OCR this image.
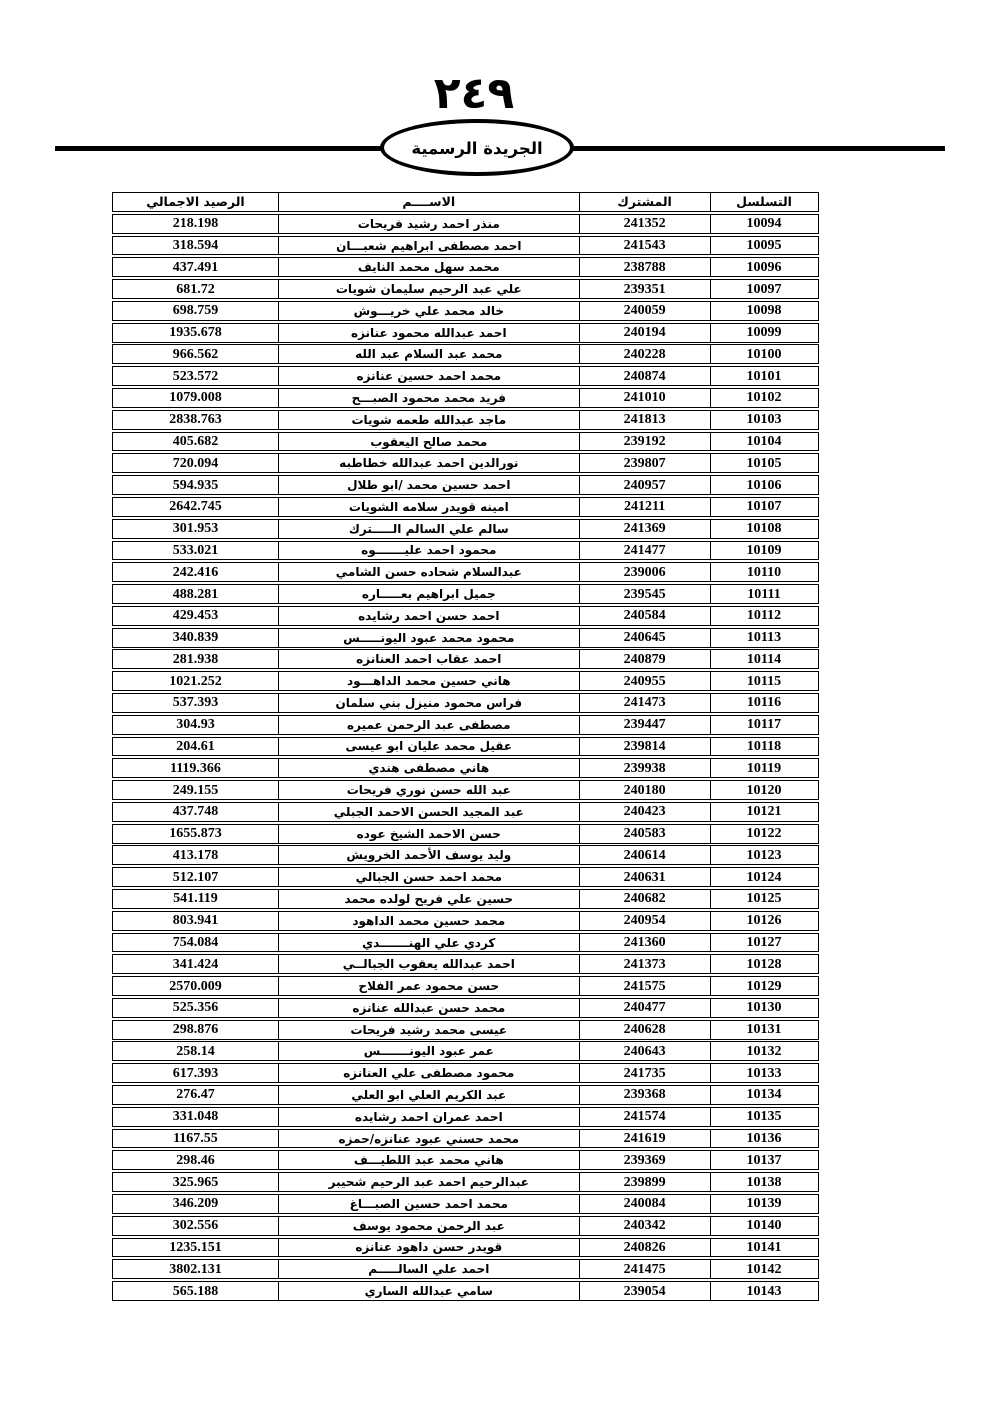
٢٤٩
الجريدة الرسمية
التسلسل
المشترك
الاســــم
الرصيد الاجمالي
10094
241352
منذر احمد رشيد فريحات
218.198
10095
241543
احمد مصطفى ابراهيم شعبـــان
318.594
10096
238788
محمد سهل محمد النايف
437.491
10097
239351
علي عبد الرحيم سليمان شويات
681.72
10098
240059
خالد محمد علي خريـــوش
698.759
10099
240194
احمد عبدالله محمود عنانزه
1935.678
10100
240228
محمد عبد السلام عبد الله
966.562
10101
240874
محمد احمد حسين عنانزه
523.572
10102
241010
فريد محمد محمود الصبـــح
1079.008
10103
241813
ماجد عبدالله طعمه شويات
2838.763
10104
239192
محمد صالح اليعقوب
405.682
10105
239807
نورالدين احمد عبدالله خطاطبه
720.094
10106
240957
احمد حسين محمد /ابو طلال
594.935
10107
241211
امينه قويدر سلامه الشويات
2642.745
10108
241369
سالم علي السالم الـــــترك
301.953
10109
241477
محمود احمد عليـــــــوه
533.021
10110
239006
عبدالسلام شحاده حسن الشامي
242.416
10111
239545
جميل ابراهيم بعـــــاره
488.281
10112
240584
احمد حسن احمد رشايده
429.453
10113
240645
محمود محمد عبود اليونـــــس
340.839
10114
240879
احمد عقاب احمد العنانزه
281.938
10115
240955
هاني حسين محمد الداهـــود
1021.252
10116
241473
فراس محمود منيزل بني سلمان
537.393
10117
239447
مصطفى عبد الرحمن عميره
304.93
10118
239814
عقيل محمد عليان ابو عيسى
204.61
10119
239938
هاني مصطفى هندي
1119.366
10120
240180
عبد الله حسن نوري فريحات
249.155
10121
240423
عبد المجيد الحسن الاحمد الجبلي
437.748
10122
240583
حسن الاحمد الشيخ عوده
1655.873
10123
240614
وليد يوسف الأحمد الخرويش
413.178
10124
240631
محمد احمد حسن الجبالي
512.107
10125
240682
حسين علي فريح لولده محمد
541.119
10126
240954
محمد حسين محمد الداهود
803.941
10127
241360
كردي علي الهنـــــــدي
754.084
10128
241373
احمد عبدالله يعقوب الجبالــي
341.424
10129
241575
حسن محمود عمر الفلاح
2570.009
10130
240477
محمد حسن عبدالله عنانزه
525.356
10131
240628
عيسى محمد رشيد فريحات
298.876
10132
240643
عمر عبود اليونـــــــس
258.14
10133
241735
محمود مصطفى علي العنانزه
617.393
10134
239368
عبد الكريم العلي ابو العلي
276.47
10135
241574
احمد عمران احمد رشايده
331.048
10136
241619
محمد حسني عبود عنانزه/حمزه
1167.55
10137
239369
هاني محمد عبد اللطيـــف
298.46
10138
239899
عبدالرحيم احمد عبد الرحيم شحيبر
325.965
10139
240084
محمد احمد حسين الصبـــاغ
346.209
10140
240342
عبد الرحمن محمود يوسف
302.556
10141
240826
قويدر حسن داهود عنانزه
1235.151
10142
241475
احمد علي السالـــــم
3802.131
10143
239054
سامي عبدالله الساري
565.188
